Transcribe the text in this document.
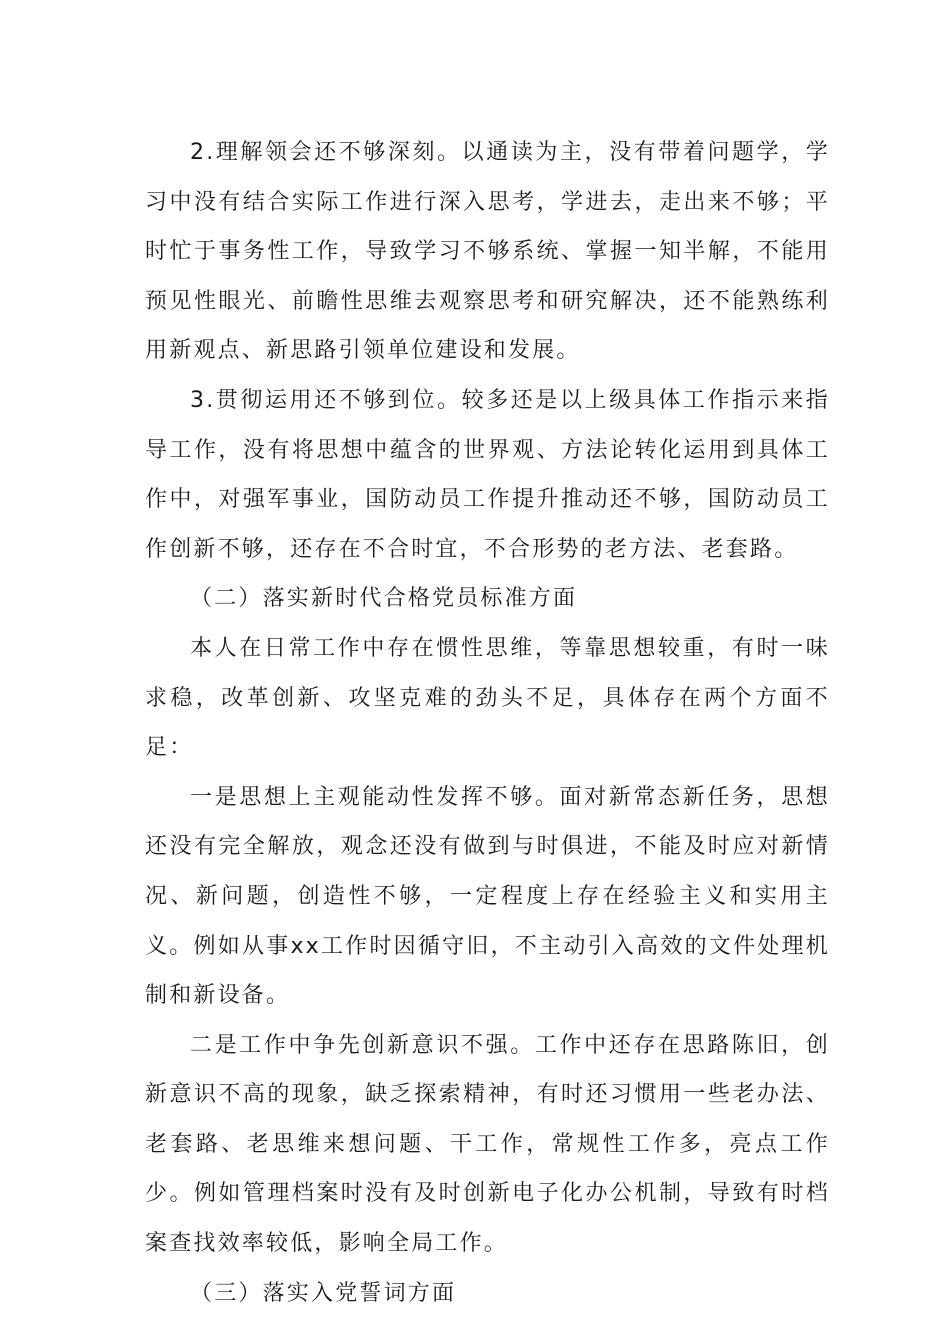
2.理解领会还不够深刻。以通读为主，没有带着问题学，学习中没有结合实际工作进行深入思考，学进去，走出来不够；平时忙于事务性工作，导致学习不够系统、掌握一知半解，不能用预见性眼光、前瞻性思维去观察思考和研究解决，还不能熟练利用新观点、新思路引领单位建设和发展。

3.贯彻运用还不够到位。较多还是以上级具体工作指示来指导工作，没有将思想中蕴含的世界观、方法论转化运用到具体工作中，对强军事业，国防动员工作提升推动还不够，国防动员工作创新不够，还存在不合时宜，不合形势的老方法、老套路。

（二）落实新时代合格党员标准方面

本人在日常工作中存在惯性思维，等靠思想较重，有时一味求稳，改革创新、攻坚克难的劲头不足，具体存在两个方面不足：

一是思想上主观能动性发挥不够。面对新常态新任务，思想还没有完全解放，观念还没有做到与时俱进，不能及时应对新情况、新问题，创造性不够，一定程度上存在经验主义和实用主义。例如从事xx工作时因循守旧，不主动引入高效的文件处理机制和新设备。

二是工作中争先创新意识不强。工作中还存在思路陈旧，创新意识不高的现象，缺乏探索精神，有时还习惯用一些老办法、老套路、老思维来想问题、干工作，常规性工作多，亮点工作少。例如管理档案时没有及时创新电子化办公机制，导致有时档案查找效率较低，影响全局工作。

（三）落实入党誓词方面
